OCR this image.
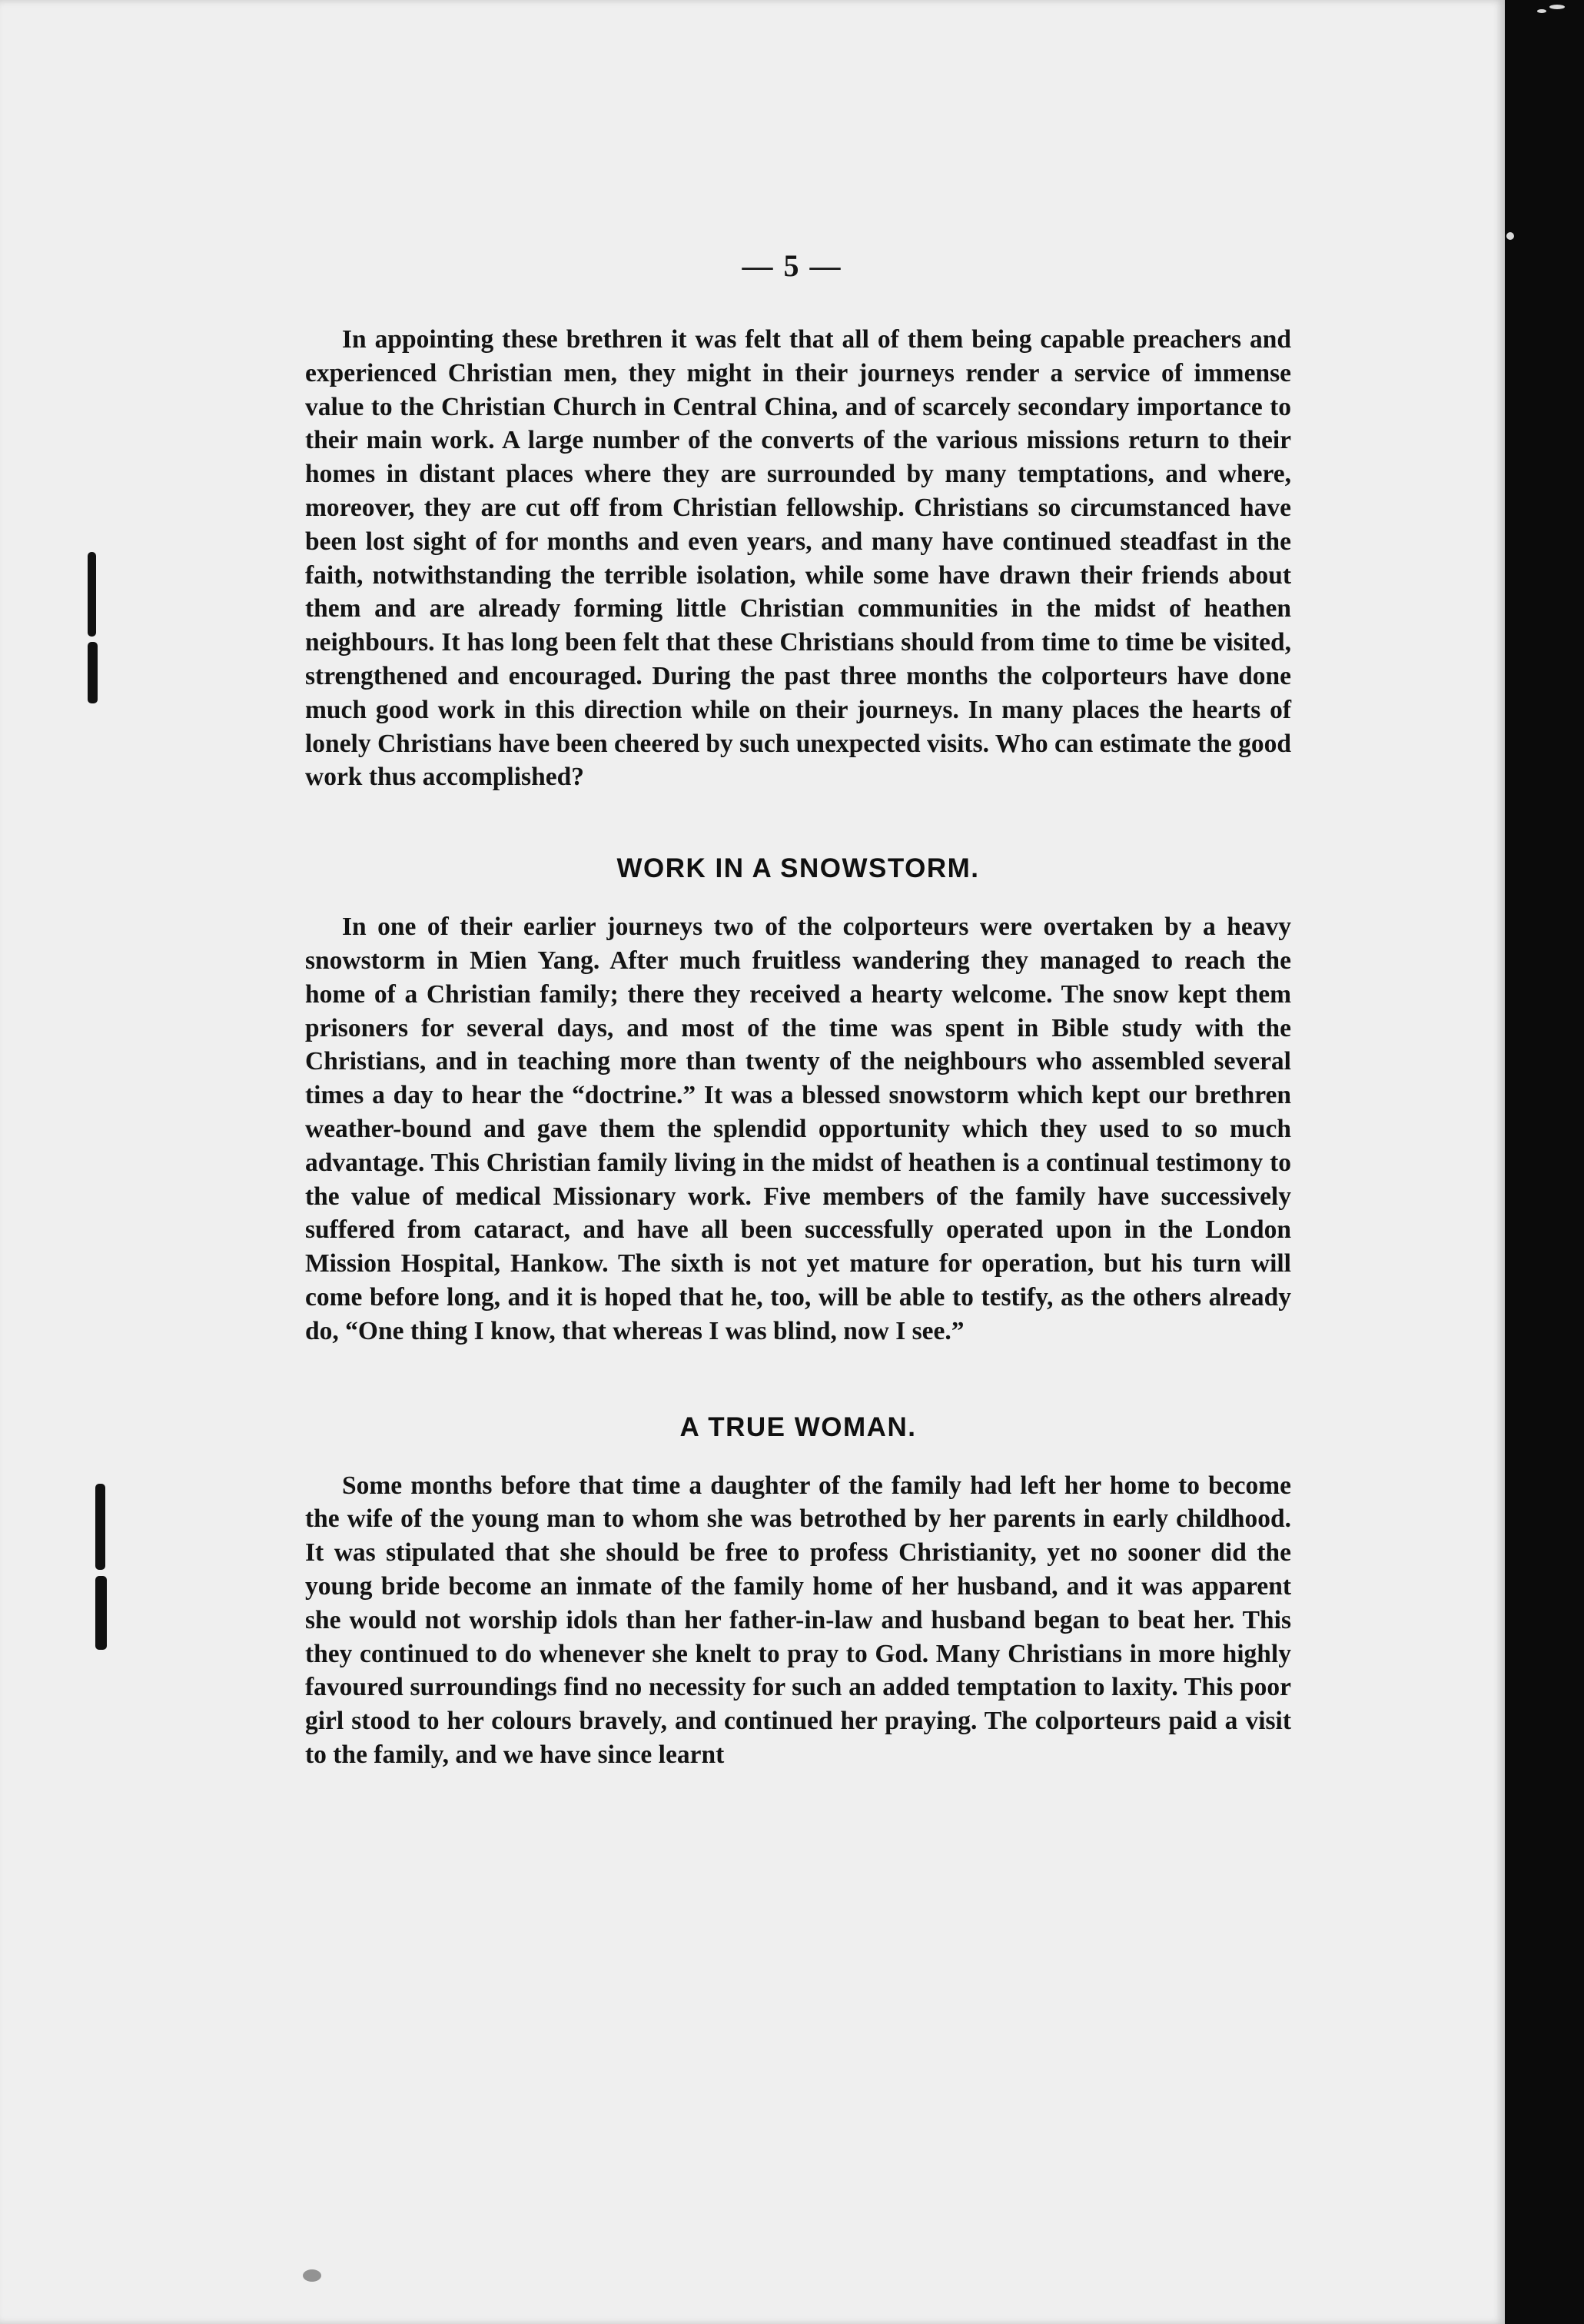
— 5 —

In appointing these brethren it was felt that all of them being capable preachers and experienced Christian men, they might in their journeys render a service of immense value to the Christian Church in Central China, and of scarcely secondary importance to their main work. A large number of the converts of the various missions return to their homes in distant places where they are surrounded by many temptations, and where, moreover, they are cut off from Christian fellowship. Christians so circumstanced have been lost sight of for months and even years, and many have continued steadfast in the faith, notwithstanding the terrible isolation, while some have drawn their friends about them and are already forming little Christian communities in the midst of heathen neighbours. It has long been felt that these Christians should from time to time be visited, strengthened and encouraged. During the past three months the colporteurs have done much good work in this direction while on their journeys. In many places the hearts of lonely Christians have been cheered by such unexpected visits. Who can estimate the good work thus accomplished?

WORK IN A SNOWSTORM.

In one of their earlier journeys two of the colporteurs were overtaken by a heavy snowstorm in Mien Yang. After much fruitless wandering they managed to reach the home of a Christian family; there they received a hearty welcome. The snow kept them prisoners for several days, and most of the time was spent in Bible study with the Christians, and in teaching more than twenty of the neighbours who assembled several times a day to hear the “doctrine.” It was a blessed snowstorm which kept our brethren weather-bound and gave them the splendid opportunity which they used to so much advantage. This Christian family living in the midst of heathen is a continual testimony to the value of medical Missionary work. Five members of the family have successively suffered from cataract, and have all been successfully operated upon in the London Mission Hospital, Hankow. The sixth is not yet mature for operation, but his turn will come before long, and it is hoped that he, too, will be able to testify, as the others already do, “One thing I know, that whereas I was blind, now I see.”

A TRUE WOMAN.

Some months before that time a daughter of the family had left her home to become the wife of the young man to whom she was betrothed by her parents in early childhood. It was stipulated that she should be free to profess Christianity, yet no sooner did the young bride become an inmate of the family home of her husband, and it was apparent she would not worship idols than her father-in-law and husband began to beat her. This they continued to do whenever she knelt to pray to God. Many Christians in more highly favoured surroundings find no necessity for such an added temptation to laxity. This poor girl stood to her colours bravely, and continued her praying. The colporteurs paid a visit to the family, and we have since learnt
